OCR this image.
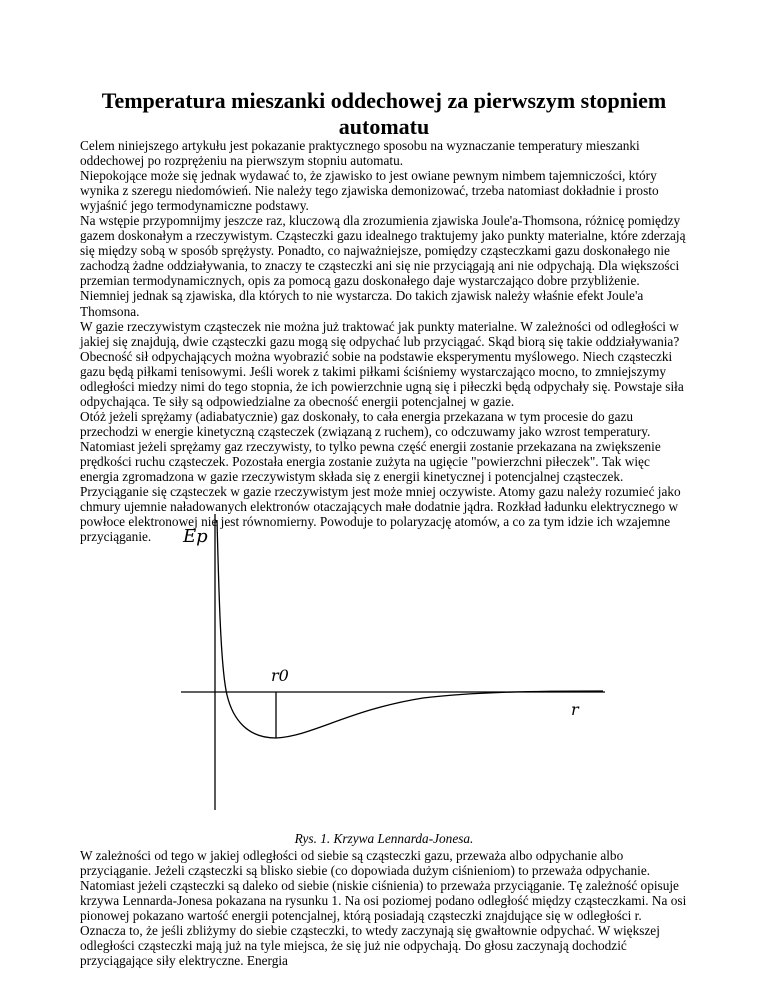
Temperatura mieszanki oddechowej za pierwszym stopniem automatu

Celem niniejszego artykułu jest pokazanie praktycznego sposobu na wyznaczanie temperatury mieszanki oddechowej po rozprężeniu na pierwszym stopniu automatu.

Niepokojące może się jednak wydawać to, że zjawisko to jest owiane pewnym nimbem tajemniczości, który wynika z szeregu niedomówień. Nie należy tego zjawiska demonizować, trzeba natomiast dokładnie i prosto wyjaśnić jego termodynamiczne podstawy.

Na wstępie przypomnijmy jeszcze raz, kluczową dla zrozumienia zjawiska Joule'a-Thomsona, różnicę pomiędzy gazem doskonałym a rzeczywistym. Cząsteczki gazu idealnego traktujemy jako punkty materialne, które zderzają się między sobą w sposób sprężysty. Ponadto, co najważniejsze, pomiędzy cząsteczkami gazu doskonałego nie zachodzą żadne oddziaływania, to znaczy te cząsteczki ani się nie przyciągają ani nie odpychają. Dla większości przemian termodynamicznych, opis za pomocą gazu doskonałego daje wystarczająco dobre przybliżenie. Niemniej jednak są zjawiska, dla których to nie wystarcza. Do takich zjawisk należy właśnie efekt Joule'a Thomsona.

W gazie rzeczywistym cząsteczek nie można już traktować jak punkty materialne. W zależności od odległości w jakiej się znajdują, dwie cząsteczki gazu mogą się odpychać lub przyciągać. Skąd biorą się takie oddziaływania? Obecność sił odpychających można wyobrazić sobie na podstawie eksperymentu myślowego. Niech cząsteczki gazu będą piłkami tenisowymi. Jeśli worek z takimi piłkami ściśniemy wystarczająco mocno, to zmniejszymy odległości miedzy nimi do tego stopnia, że ich powierzchnie ugną się i piłeczki będą odpychały się. Powstaje siła odpychająca. Te siły są odpowiedzialne za obecność energii potencjalnej w gazie.

Otóż jeżeli sprężamy (adiabatycznie) gaz doskonały, to cała energia przekazana w tym procesie do gazu przechodzi w energie kinetyczną cząsteczek (związaną z ruchem), co odczuwamy jako wzrost temperatury. Natomiast jeżeli sprężamy gaz rzeczywisty, to tylko pewna część energii zostanie przekazana na zwiększenie prędkości ruchu cząsteczek. Pozostała energia zostanie zużyta na ugięcie "powierzchni piłeczek". Tak więc energia zgromadzona w gazie rzeczywistym składa się z energii kinetycznej i potencjalnej cząsteczek.

Przyciąganie się cząsteczek w gazie rzeczywistym jest może mniej oczywiste. Atomy gazu należy rozumieć jako chmury ujemnie naładowanych elektronów otaczających małe dodatnie jądra. Rozkład ładunku elektrycznego w powłoce elektronowej nie jest równomierny. Powoduje to polaryzację atomów, a co za tym idzie ich wzajemne przyciąganie.	Ep
r0
r

Rys. 1. Krzywa Lennarda-Jonesa.

W zależności od tego w jakiej odległości od siebie są cząsteczki gazu, przeważa albo odpychanie albo przyciąganie. Jeżeli cząsteczki są blisko siebie (co dopowiada dużym ciśnieniom) to przeważa odpychanie. Natomiast jeżeli cząsteczki są daleko od siebie (niskie ciśnienia) to przeważa przyciąganie. Tę zależność opisuje krzywa Lennarda-Jonesa pokazana na rysunku 1. Na osi poziomej podano odległość między cząsteczkami. Na osi pionowej pokazano wartość energii potencjalnej, którą posiadają cząsteczki znajdujące się w odległości r. Oznacza to, że jeśli zbliżymy do siebie cząsteczki, to wtedy zaczynają się gwałtownie odpychać. W większej odległości cząsteczki mają już na tyle miejsca, że się już nie odpychają. Do głosu zaczynają dochodzić przyciągające siły elektryczne. Energia
